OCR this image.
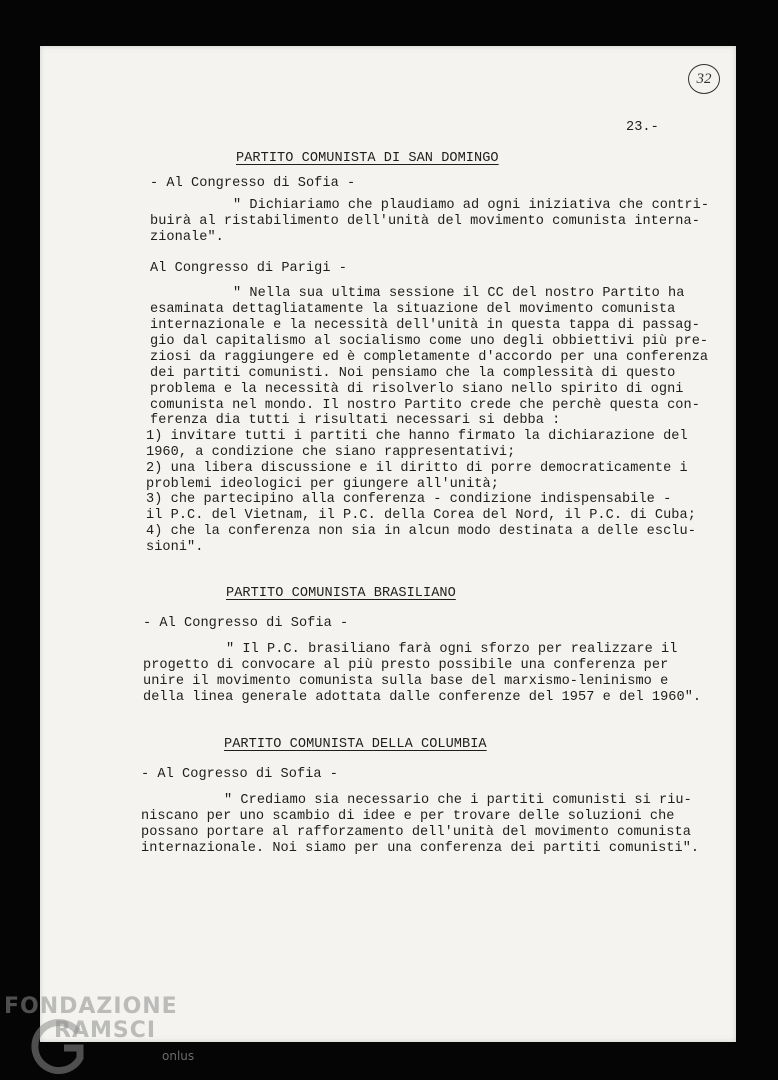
32
23.-
PARTITO COMUNISTA DI SAN DOMINGO
- Al Congresso di Sofia -
" Dichiariamo che plaudiamo ad ogni iniziativa che contri-
buirà al ristabilimento dell'unità del movimento comunista interna-
zionale".
Al Congresso di Parigi -
" Nella sua ultima sessione il CC del nostro Partito ha
esaminata dettagliatamente la situazione del movimento comunista
internazionale e la necessità dell'unità in questa tappa di passag-
gio dal capitalismo al socialismo come uno degli obbiettivi più pre-
ziosi da raggiungere ed è completamente d'accordo per una conferenza
dei partiti comunisti. Noi pensiamo che la complessità di questo
problema e la necessità di risolverlo siano nello spirito di ogni
comunista nel mondo. Il nostro Partito crede che perchè questa con-
ferenza dia tutti i risultati necessari si debba :
1) invitare tutti i partiti che hanno firmato la dichiarazione del
1960, a condizione che siano rappresentativi;
2) una libera discussione e il diritto di porre democraticamente i
problemi ideologici per giungere all'unità;
3) che partecipino alla conferenza - condizione indispensabile -
il P.C. del Vietnam, il P.C. della Corea del Nord, il P.C. di Cuba;
4) che la conferenza non sia in alcun modo destinata a delle esclu-
sioni".
PARTITO COMUNISTA BRASILIANO
- Al Congresso di Sofia -
" Il P.C. brasiliano farà ogni sforzo per realizzare il
progetto di convocare al più presto possibile una conferenza per
unire il movimento comunista sulla base del marxismo-leninismo e
della linea generale adottata dalle conferenze del 1957 e del 1960".
PARTITO COMUNISTA DELLA COLUMBIA
- Al Cogresso di Sofia -
" Crediamo sia necessario che i partiti comunisti si riu-
niscano per uno scambio di idee e per trovare delle soluzioni che
possano portare al rafforzamento dell'unità del movimento comunista
internazionale. Noi siamo per una conferenza dei partiti comunisti".
FONDAZIONE
RAMSCI
onlus
